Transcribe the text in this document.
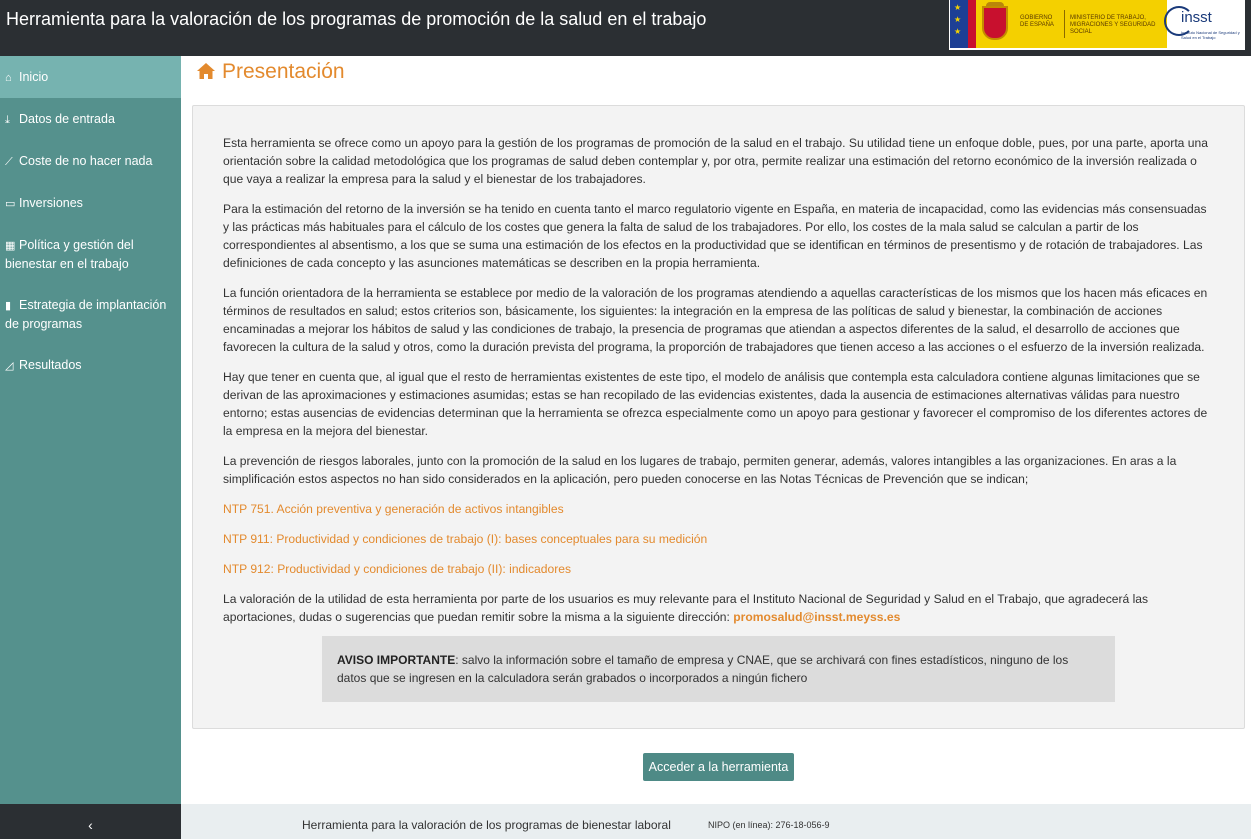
Herramienta para la valoración de los programas de promoción de la salud en el trabajo
★
★
★
GOBIERNO DE ESPAÑA
MINISTERIO DE TRABAJO, MIGRACIONES Y SEGURIDAD SOCIAL
insst
Instituto Nacional de Seguridad y Salud en el Trabajo
⌂ Inicio
⤓ Datos de entrada
⟋ Coste de no hacer nada
▭ Inversiones
▦ Política y gestión del bienestar en el trabajo
▮ Estrategia de implantación de programas
◿ Resultados
‹
Presentación

Esta herramienta se ofrece como un apoyo para la gestión de los programas de promoción de la salud en el trabajo. Su utilidad tiene un enfoque doble, pues, por una parte, aporta una orientación sobre la calidad metodológica que los programas de salud deben contemplar y, por otra, permite realizar una estimación del retorno económico de la inversión realizada o que vaya a realizar la empresa para la salud y el bienestar de los trabajadores.

Para la estimación del retorno de la inversión se ha tenido en cuenta tanto el marco regulatorio vigente en España, en materia de incapacidad, como las evidencias más consensuadas y las prácticas más habituales para el cálculo de los costes que genera la falta de salud de los trabajadores. Por ello, los costes de la mala salud se calculan a partir de los correspondientes al absentismo, a los que se suma una estimación de los efectos en la productividad que se identifican en términos de presentismo y de rotación de trabajadores. Las definiciones de cada concepto y las asunciones matemáticas se describen en la propia herramienta.

La función orientadora de la herramienta se establece por medio de la valoración de los programas atendiendo a aquellas características de los mismos que los hacen más eficaces en términos de resultados en salud; estos criterios son, básicamente, los siguientes: la integración en la empresa de las políticas de salud y bienestar, la combinación de acciones encaminadas a mejorar los hábitos de salud y las condiciones de trabajo, la presencia de programas que atiendan a aspectos diferentes de la salud, el desarrollo de acciones que favorecen la cultura de la salud y otros, como la duración prevista del programa, la proporción de trabajadores que tienen acceso a las acciones o el esfuerzo de la inversión realizada.

Hay que tener en cuenta que, al igual que el resto de herramientas existentes de este tipo, el modelo de análisis que contempla esta calculadora contiene algunas limitaciones que se derivan de las aproximaciones y estimaciones asumidas; estas se han recopilado de las evidencias existentes, dada la ausencia de estimaciones alternativas válidas para nuestro entorno; estas ausencias de evidencias determinan que la herramienta se ofrezca especialmente como un apoyo para gestionar y favorecer el compromiso de los diferentes actores de la empresa en la mejora del bienestar.

La prevención de riesgos laborales, junto con la promoción de la salud en los lugares de trabajo, permiten generar, además, valores intangibles a las organizaciones. En aras a la simplificación estos aspectos no han sido considerados en la aplicación, pero pueden conocerse en las Notas Técnicas de Prevención que se indican;

NTP 751. Acción preventiva y generación de activos intangibles
NTP 911: Productividad y condiciones de trabajo (I): bases conceptuales para su medición
NTP 912: Productividad y condiciones de trabajo (II): indicadores

La valoración de la utilidad de esta herramienta por parte de los usuarios es muy relevante para el Instituto Nacional de Seguridad y Salud en el Trabajo, que agradecerá las aportaciones, dudas o sugerencias que puedan remitir sobre la misma a la siguiente dirección: promosalud@insst.meyss.es

AVISO IMPORTANTE: salvo la información sobre el tamaño de empresa y CNAE, que se archivará con fines estadísticos, ninguno de los datos que se ingresen en la calculadora serán grabados o incorporados a ningún fichero
Acceder a la herramienta
Herramienta para la valoración de los programas de bienestar laboral	NIPO (en línea): 276-18-056-9
